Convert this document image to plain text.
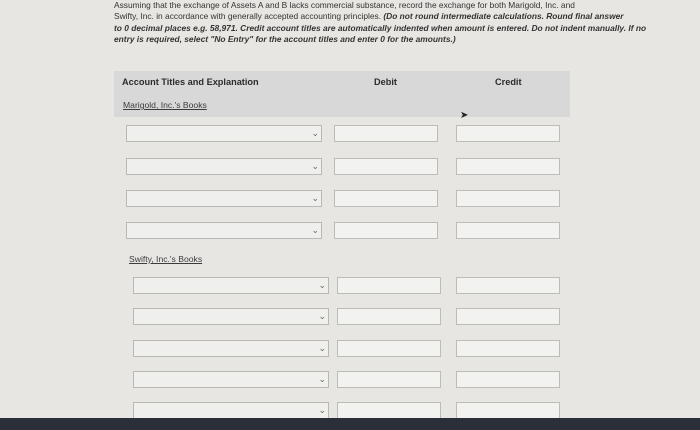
Assuming that the exchange of Assets A and B lacks commercial substance, record the exchange for both Marigold, Inc. and
Swifty, Inc. in accordance with generally accepted accounting principles. (Do not round intermediate calculations. Round final answer
to 0 decimal places e.g. 58,971. Credit account titles are automatically indented when amount is entered. Do not indent manually. If no
entry is required, select "No Entry" for the account titles and enter 0 for the amounts.)
Account Titles and Explanation	Debit	Credit
Marigold, Inc.'s Books
⌄
⌄
⌄
⌄
Swifty, Inc.'s Books
⌄
⌄
⌄
⌄
⌄
➤
